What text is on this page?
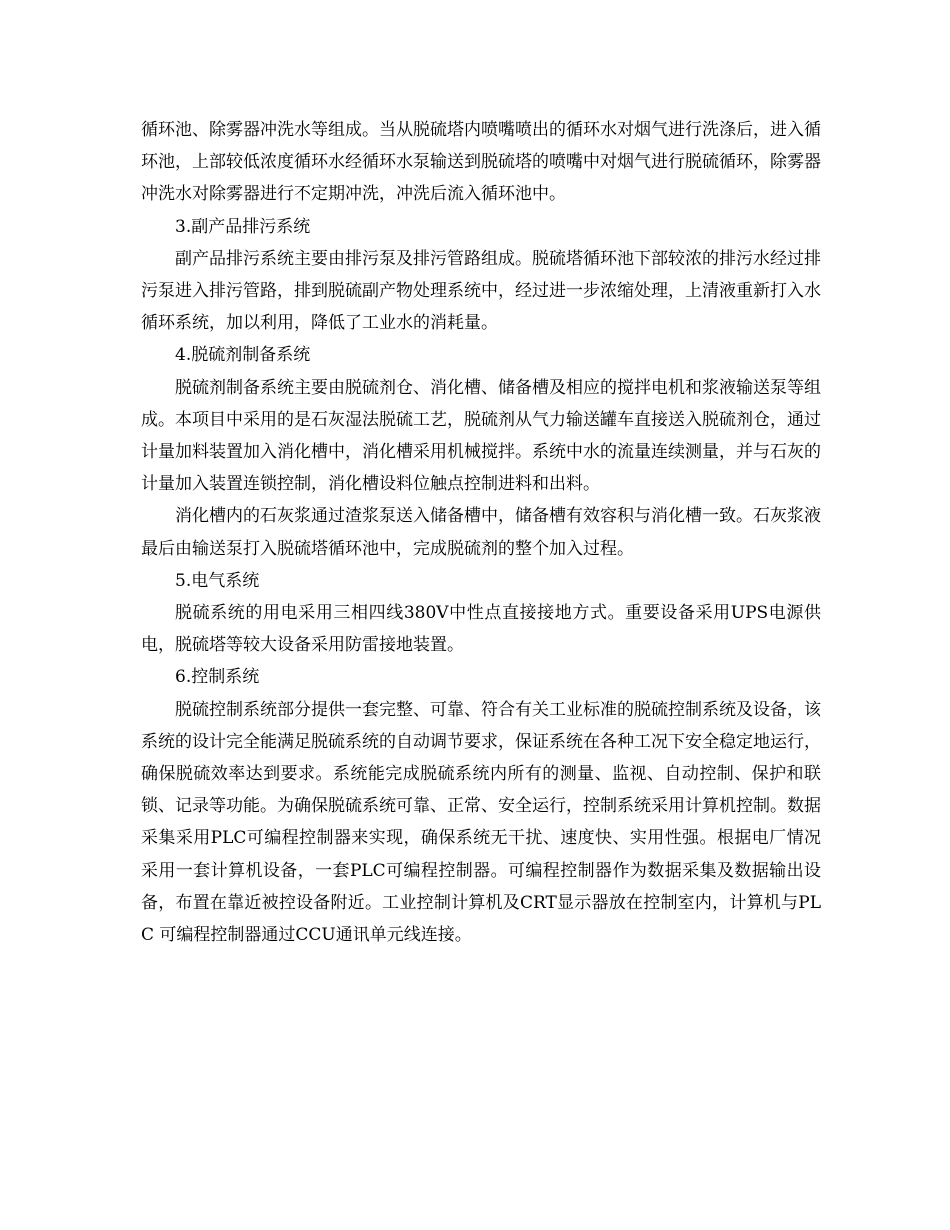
循环池、除雾器冲洗水等组成。当从脱硫塔内喷嘴喷出的循环水对烟气进行洗涤后，进入循环池，上部较低浓度循环水经循环水泵输送到脱硫塔的喷嘴中对烟气进行脱硫循环，除雾器冲洗水对除雾器进行不定期冲洗，冲洗后流入循环池中。

3.副产品排污系统

副产品排污系统主要由排污泵及排污管路组成。脱硫塔循环池下部较浓的排污水经过排污泵进入排污管路，排到脱硫副产物处理系统中，经过进一步浓缩处理，上清液重新打入水循环系统，加以利用，降低了工业水的消耗量。

4.脱硫剂制备系统

脱硫剂制备系统主要由脱硫剂仓、消化槽、储备槽及相应的搅拌电机和浆液输送泵等组成。本项目中采用的是石灰湿法脱硫工艺，脱硫剂从气力输送罐车直接送入脱硫剂仓，通过计量加料装置加入消化槽中，消化槽采用机械搅拌。系统中水的流量连续测量，并与石灰的计量加入装置连锁控制，消化槽设料位触点控制进料和出料。

消化槽内的石灰浆通过渣浆泵送入储备槽中，储备槽有效容积与消化槽一致。石灰浆液最后由输送泵打入脱硫塔循环池中，完成脱硫剂的整个加入过程。

5.电气系统

脱硫系统的用电采用三相四线380V中性点直接接地方式。重要设备采用UPS电源供电，脱硫塔等较大设备采用防雷接地装置。

6.控制系统

脱硫控制系统部分提供一套完整、可靠、符合有关工业标准的脱硫控制系统及设备，该系统的设计完全能满足脱硫系统的自动调节要求，保证系统在各种工况下安全稳定地运行，确保脱硫效率达到要求。系统能完成脱硫系统内所有的测量、监视、自动控制、保护和联锁、记录等功能。为确保脱硫系统可靠、正常、安全运行，控制系统采用计算机控制。数据采集采用PLC可编程控制器来实现，确保系统无干扰、速度快、实用性强。根据电厂情况采用一套计算机设备，一套PLC可编程控制器。可编程控制器作为数据采集及数据输出设备，布置在靠近被控设备附近。工业控制计算机及CRT显示器放在控制室内，计算机与PLC 可编程控制器通过CCU通讯单元线连接。
